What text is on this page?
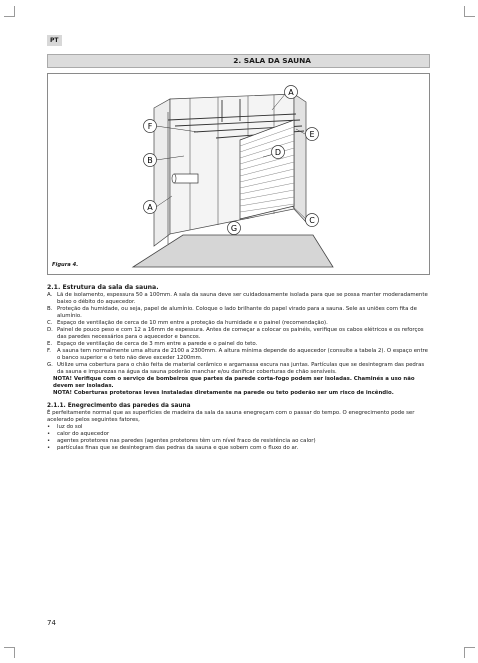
PT
2. SALA DA SAUNA
A
F
B
A
D
E
G
C
Figura 4.
2.1. Estrutura da sala da sauna.
A. Lã de isolamento, espessura 50 a 100mm. A sala da sauna deve ser cuidadosamente isolada para que se possa manter moderadamente baixo o débito do aquecedor.
B. Proteção da humidade, ou seja, papel de alumínio. Coloque o lado brilhante do papel virado para a sauna. Sele as uniões com fita de alumínio.
C. Espaço de ventilação de cerca de 10 mm entre a proteção da humidade e o painel (recomendação).
D. Painel de pouco peso e com 12 a 16mm de espessura. Antes de começar a colocar os painéis, verifique os cabos elétricos e os reforços das paredes necessários para o aquecedor e bancos.
E. Espaço de ventilação de cerca de 3 mm entre a parede e o painel do teto.
F.	A sauna tem normalmente uma altura de 2100 a 2300mm. A altura mínima depende do aquecedor (consulte a tabela 2). O espaço entre o banco superior e o teto não deve exceder 1200mm.
G. Utilize uma cobertura para o chão feita de material cerâmico e argamassa escura nas juntas. Partículas que se desintegram das pedras da sauna e impurezas na água da sauna poderão manchar e/ou danificar coberturas de chão sensíveis.
NOTA! Verifique com o serviço de bombeiros que partes da parede corta-fogo podem ser isoladas. Chaminés a uso não devem ser isoladas.
NOTA! Coberturas protetoras leves instaladas diretamente na parede ou teto poderão ser um risco de incêndio.
2.1.1. Enegrecimento das paredes da sauna
É perfeitamente normal que as superfícies de madeira da sala da sauna enegreçam com o passar do tempo. O enegrecimento pode ser acelerado pelos seguintes fatores,
•	luz do sol
•	calor do aquecedor
•	agentes protetores nas paredes (agentes protetores têm um nível fraco de resistência ao calor)
•	partículas finas que se desintegram das pedras da sauna e que sobem com o fluxo do ar.
74
